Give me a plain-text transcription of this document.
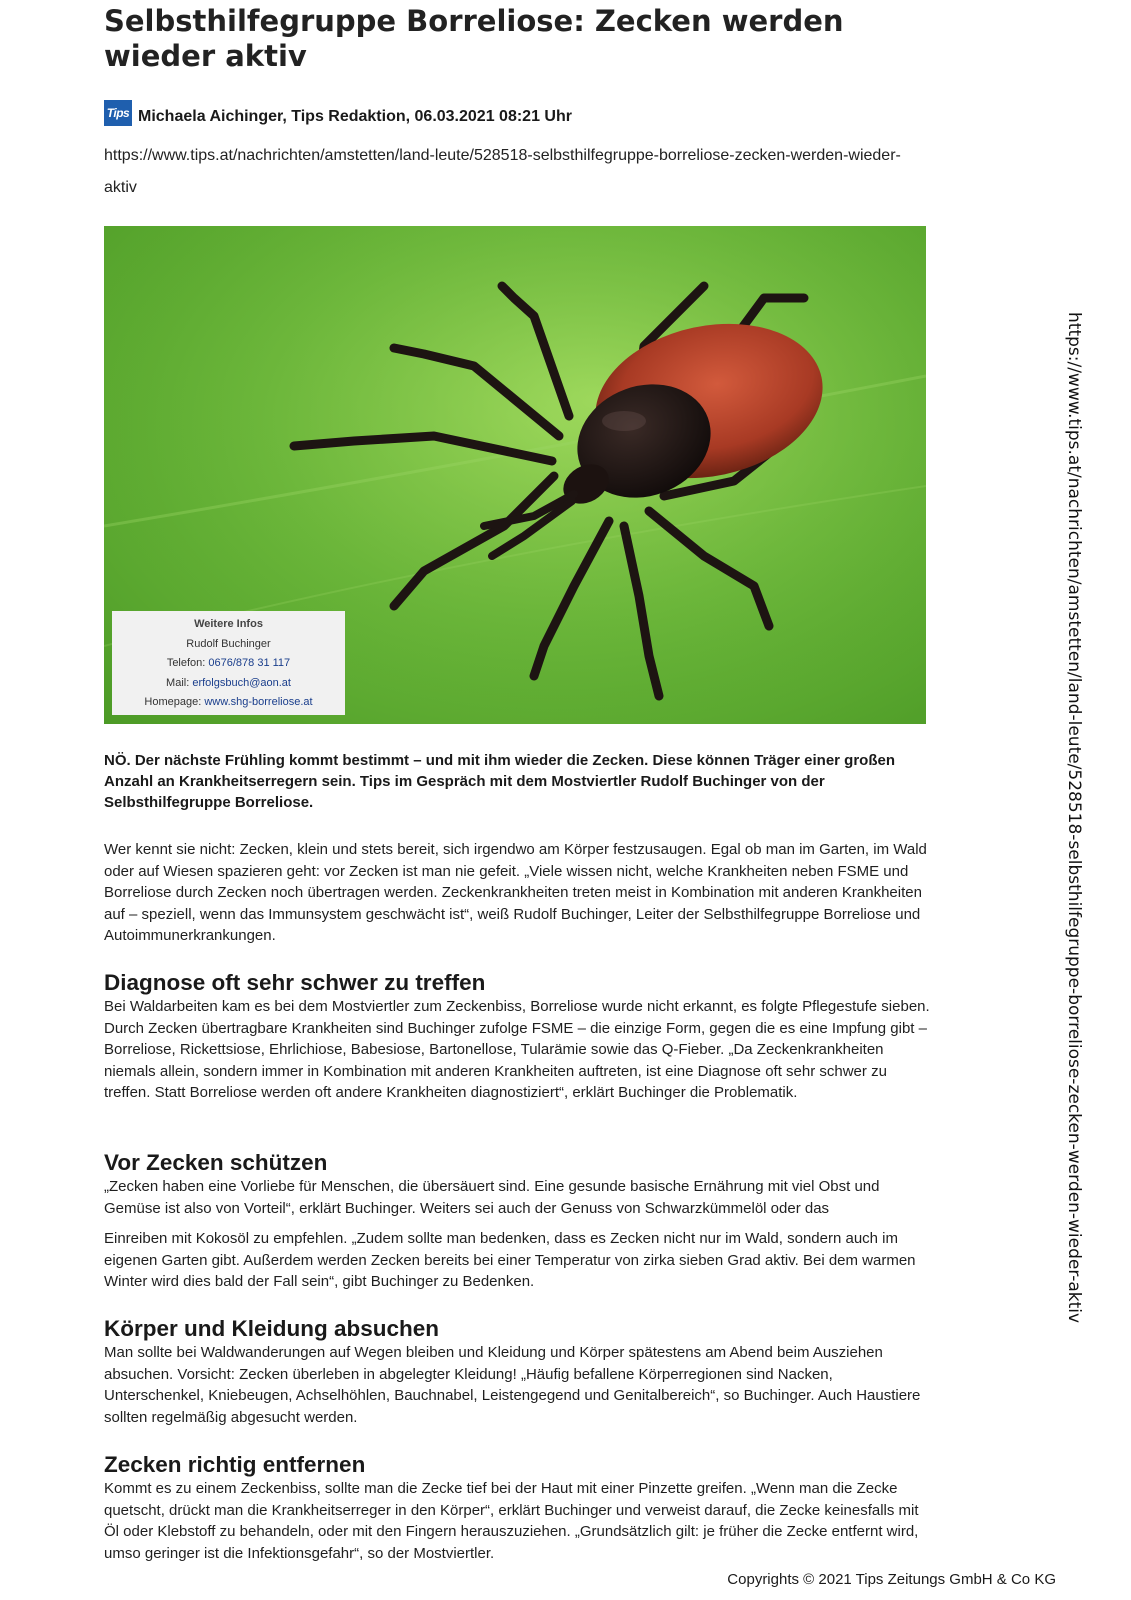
Selbsthilfegruppe Borreliose: Zecken werden wieder aktiv
Tips Michaela Aichinger, Tips Redaktion, 06.03.2021 08:21 Uhr

https://www.tips.at/nachrichten/amstetten/land-leute/528518-selbsthilfegruppe-borreliose-zecken-werden-wieder-aktiv

Weitere Infos
Rudolf Buchinger
Telefon: 0676/878 31 117
Mail: erfolgsbuch@aon.at
Homepage: www.shg-borreliose.at

NÖ. Der nächste Frühling kommt bestimmt – und mit ihm wieder die Zecken. Diese können Träger einer großen Anzahl an Krankheitserregern sein. Tips im Gespräch mit dem Mostviertler Rudolf Buchinger von der Selbsthilfegruppe Borreliose.

Wer kennt sie nicht: Zecken, klein und stets bereit, sich irgendwo am Körper festzusaugen. Egal ob man im Garten, im Wald oder auf Wiesen spazieren geht: vor Zecken ist man nie gefeit. „Viele wissen nicht, welche Krankheiten neben FSME und Borreliose durch Zecken noch übertragen werden. Zeckenkrankheiten treten meist in Kombination mit anderen Krankheiten auf – speziell, wenn das Immunsystem geschwächt ist“, weiß Rudolf Buchinger, Leiter der Selbsthilfegruppe Borreliose und Autoimmunerkrankungen.

Diagnose oft sehr schwer zu treffen

Bei Waldarbeiten kam es bei dem Mostviertler zum Zeckenbiss, Borreliose wurde nicht erkannt, es folgte Pflegestufe sieben. Durch Zecken übertragbare Krankheiten sind Buchinger zufolge FSME – die einzige Form, gegen die es eine Impfung gibt – Borreliose, Rickettsiose, Ehrlichiose, Babesiose, Bartonellose, Tularämie sowie das Q-Fieber. „Da Zeckenkrankheiten niemals allein, sondern immer in Kombination mit anderen Krankheiten auftreten, ist eine Diagnose oft sehr schwer zu treffen. Statt Borreliose werden oft andere Krankheiten diagnostiziert“, erklärt Buchinger die Problematik.

Vor Zecken schützen

„Zecken haben eine Vorliebe für Menschen, die übersäuert sind. Eine gesunde basische Ernährung mit viel Obst und Gemüse ist also von Vorteil“, erklärt Buchinger. Weiters sei auch der Genuss von Schwarzkümmelöl oder das

Einreiben mit Kokosöl zu empfehlen. „Zudem sollte man bedenken, dass es Zecken nicht nur im Wald, sondern auch im eigenen Garten gibt. Außerdem werden Zecken bereits bei einer Temperatur von zirka sieben Grad aktiv. Bei dem warmen Winter wird dies bald der Fall sein“, gibt Buchinger zu Bedenken.

Körper und Kleidung absuchen

Man sollte bei Waldwanderungen auf Wegen bleiben und Kleidung und Körper spätestens am Abend beim Ausziehen absuchen. Vorsicht: Zecken überleben in abgelegter Kleidung! „Häufig befallene Körperregionen sind Nacken, Unterschenkel, Kniebeugen, Achselhöhlen, Bauchnabel, Leistengegend und Genitalbereich“, so Buchinger. Auch Haustiere sollten regelmäßig abgesucht werden.

Zecken richtig entfernen

Kommt es zu einem Zeckenbiss, sollte man die Zecke tief bei der Haut mit einer Pinzette greifen. „Wenn man die Zecke quetscht, drückt man die Krankheitserreger in den Körper“, erklärt Buchinger und verweist darauf, die Zecke keinesfalls mit Öl oder Klebstoff zu behandeln, oder mit den Fingern herauszuziehen. „Grundsätzlich gilt: je früher die Zecke entfernt wird, umso geringer ist die Infektionsgefahr“, so der Mostviertler.

https://www.tips.at/nachrichten/amstetten/land-leute/528518-selbsthilfegruppe-borreliose-zecken-werden-wieder-aktiv
Copyrights © 2021 Tips Zeitungs GmbH & Co KG
